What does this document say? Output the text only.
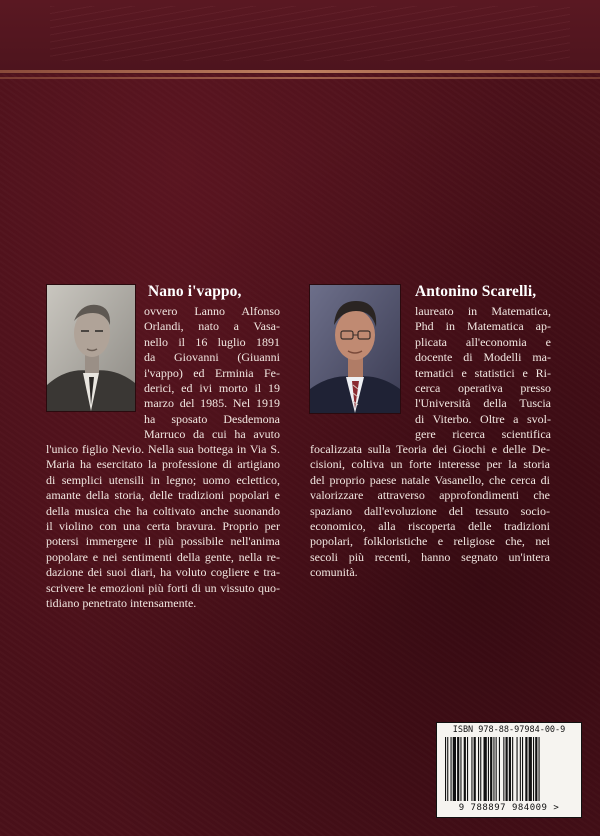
Nano i'vappo,
ovvero Lanno Alfonso
Orlandi, nato a Vasa-
nello il 16 luglio 1891
da Giovanni (Giuanni
i'vappo) ed Erminia Fe-
derici, ed ivi morto il 19
marzo del 1985. Nel 1919
ha sposato Desdemona
Marruco da cui ha avuto
l'unico figlio Nevio. Nella sua bottega in Via S.
Maria ha esercitato la professione di artigiano
di semplici utensili in legno; uomo eclettico,
amante della storia, delle tradizioni popolari e
della musica che ha coltivato anche suonando
il violino con una certa bravura. Proprio per
potersi immergere il più possibile nell'anima
popolare e nei sentimenti della gente, nella re-
dazione dei suoi diari, ha voluto cogliere e tra-
scrivere le emozioni più forti di un vissuto quo-
tidiano penetrato intensamente.
Antonino Scarelli,
laureato in Matematica,
Phd in Matematica ap-
plicata all'economia e
docente di Modelli ma-
tematici e statistici e Ri-
cerca operativa presso
l'Università della Tuscia
di Viterbo. Oltre a svol-
gere ricerca scientifica
focalizzata sulla Teoria dei Giochi e delle De-
cisioni, coltiva un forte interesse per la storia
del proprio paese natale Vasanello, che cerca di
valorizzare attraverso approfondimenti che
spaziano dall'evoluzione del tessuto socio-
economico, alla riscoperta delle tradizioni
popolari, folkloristiche e religiose che, nei
secoli più recenti, hanno segnato un'intera
comunità.
ISBN 978-88-97984-00-9
9 788897 984009 >
